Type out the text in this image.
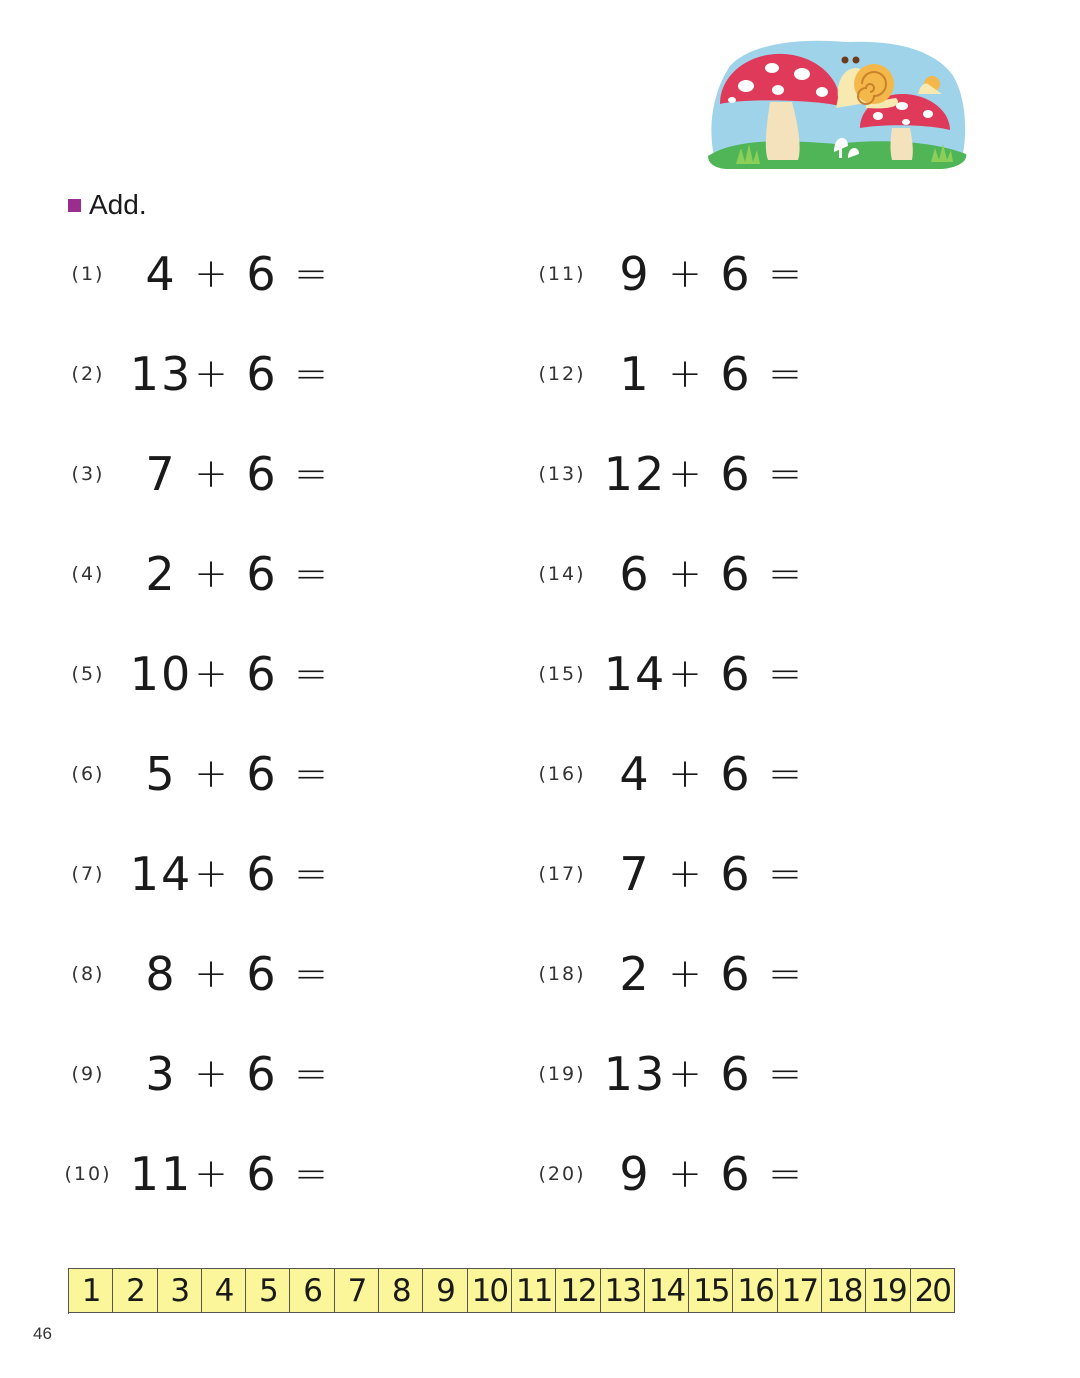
Add.
(1) 4 + 6 =
(2) 13 + 6 =
(3) 7 + 6 =
(4) 2 + 6 =
(5) 10 + 6 =
(6) 5 + 6 =
(7) 14 + 6 =
(8) 8 + 6 =
(9) 3 + 6 =
(10) 11 + 6 =
(11) 9 + 6 =
(12) 1 + 6 =
(13) 12 + 6 =
(14) 6 + 6 =
(15) 14 + 6 =
(16) 4 + 6 =
(17) 7 + 6 =
(18) 2 + 6 =
(19) 13 + 6 =
(20) 9 + 6 =
1 2 3 4 5 6 7 8 9 10 11 12 13 14 15 16 17 18 19 20
46
